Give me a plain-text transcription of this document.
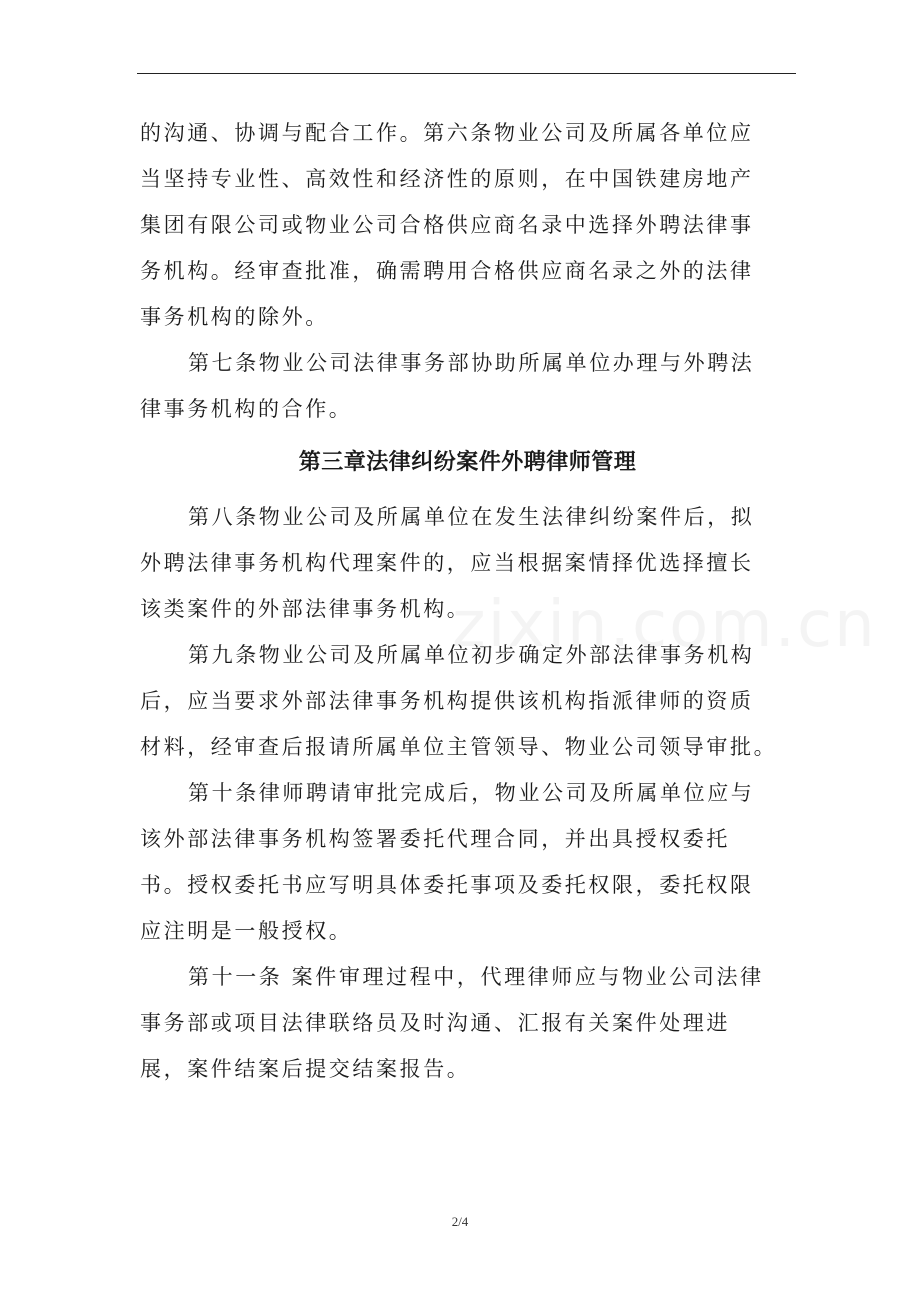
的沟通、协调与配合工作。第六条物业公司及所属各单位应
当坚持专业性、高效性和经济性的原则，在中国铁建房地产
集团有限公司或物业公司合格供应商名录中选择外聘法律事
务机构。经审查批准，确需聘用合格供应商名录之外的法律
事务机构的除外。
第七条物业公司法律事务部协助所属单位办理与外聘法
律事务机构的合作。
第三章法律纠纷案件外聘律师管理
第八条物业公司及所属单位在发生法律纠纷案件后，拟
外聘法律事务机构代理案件的，应当根据案情择优选择擅长
该类案件的外部法律事务机构。
第九条物业公司及所属单位初步确定外部法律事务机构
后，应当要求外部法律事务机构提供该机构指派律师的资质
材料，经审查后报请所属单位主管领导、物业公司领导审批。
第十条律师聘请审批完成后，物业公司及所属单位应与
该外部法律事务机构签署委托代理合同，并出具授权委托
书。授权委托书应写明具体委托事项及委托权限，委托权限
应注明是一般授权。
第十一条 案件审理过程中，代理律师应与物业公司法律
事务部或项目法律联络员及时沟通、汇报有关案件处理进
展，案件结案后提交结案报告。
2/4
